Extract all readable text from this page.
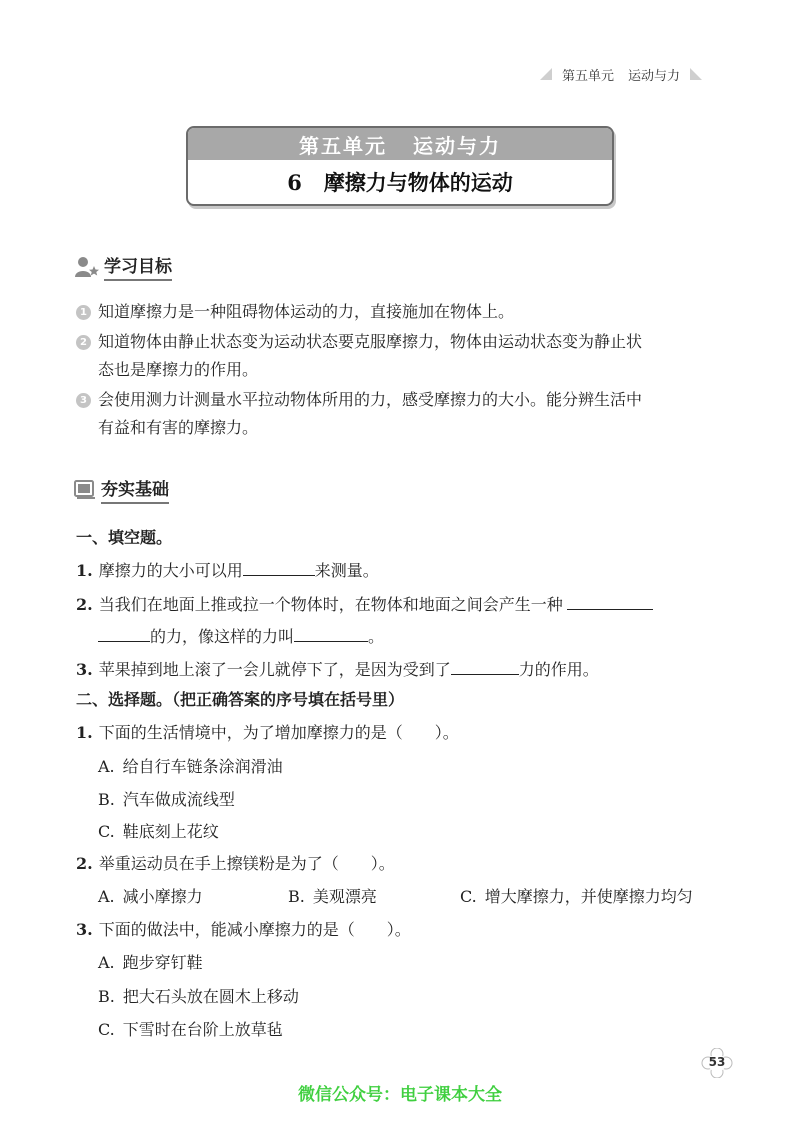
第五单元 运动与力
第五单元 运动与力
6 摩擦力与物体的运动
学习目标
1 知道摩擦力是一种阻碍物体运动的力，直接施加在物体上。
2 知道物体由静止状态变为运动状态要克服摩擦力，物体由运动状态变为静止状
态也是摩擦力的作用。
3 会使用测力计测量水平拉动物体所用的力，感受摩擦力的大小。能分辨生活中
有益和有害的摩擦力。
夯实基础
一、填空题。
1. 摩擦力的大小可以用	来测量。
2. 当我们在地面上推或拉一个物体时，在物体和地面之间会产生一种
的力，像这样的力叫	。
3. 苹果掉到地上滚了一会儿就停下了，是因为受到了	力的作用。
二、选择题。（把正确答案的序号填在括号里）
1. 下面的生活情境中，为了增加摩擦力的是（　　）。
A. 给自行车链条涂润滑油
B. 汽车做成流线型
C. 鞋底刻上花纹
2. 举重运动员在手上擦镁粉是为了（　　）。
A. 减小摩擦力	B. 美观漂亮	C. 增大摩擦力，并使摩擦力均匀
3. 下面的做法中，能减小摩擦力的是（　　）。
A. 跑步穿钉鞋
B. 把大石头放在圆木上移动
C. 下雪时在台阶上放草毡
53
微信公众号：电子课本大全
